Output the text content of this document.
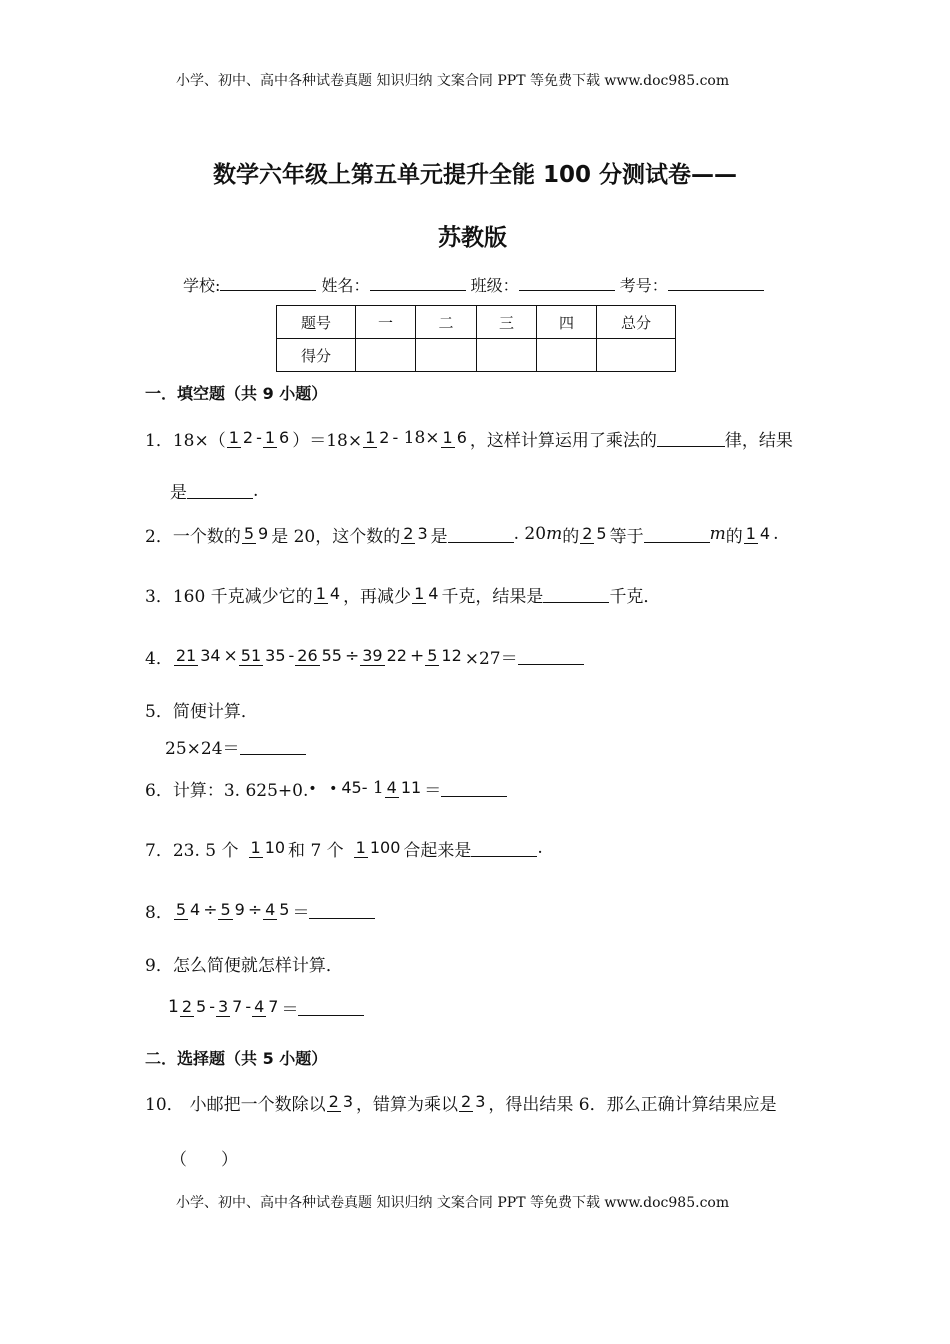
小学、初中、高中各种试卷真题 知识归纳 文案合同 PPT 等免费下载 www.doc985.com
数学六年级上第五单元提升全能 100 分测试卷——
苏教版
学校:	姓名：	班级：	考号：
题号	一	二	三	四	总分
得分					
一．填空题（共 9 小题）
1． 18×（ 1 2 - 1 6 ）＝18× 1 2 - 18× 1 6 ，这样计算运用了乘法的	律，结果
是	.
2． 一个数的 5 9 是 20，这个数的 2 3 是	. 20 m 的 2 5 等于	m 的 1 4 .
3． 160 千克减少它的 1 4 ，再减少 1 4 千克，结果是	千克．
4． 21 34 × 51 35 - 26 55 ÷ 39 22 + 5 12 ×27＝
5． 简便计算．
25×24＝
6． 计算：3. 625+0. • •45 - 1 4 11 ＝
7． 23. 5 个 1 10 和 7 个 1 100 合起来是	.
8． 5 4 ÷ 5 9 ÷ 4 5 ＝
9． 怎么简便就怎样计算．
1 2 5 - 3 7 - 4 7 ＝
二．选择题（共 5 小题）
10． 小邮把一个数除以 2 3 ，错算为乘以 2 3 ，得出结果 6．那么正确计算结果应是
（　　）
小学、初中、高中各种试卷真题 知识归纳 文案合同 PPT 等免费下载 www.doc985.com
